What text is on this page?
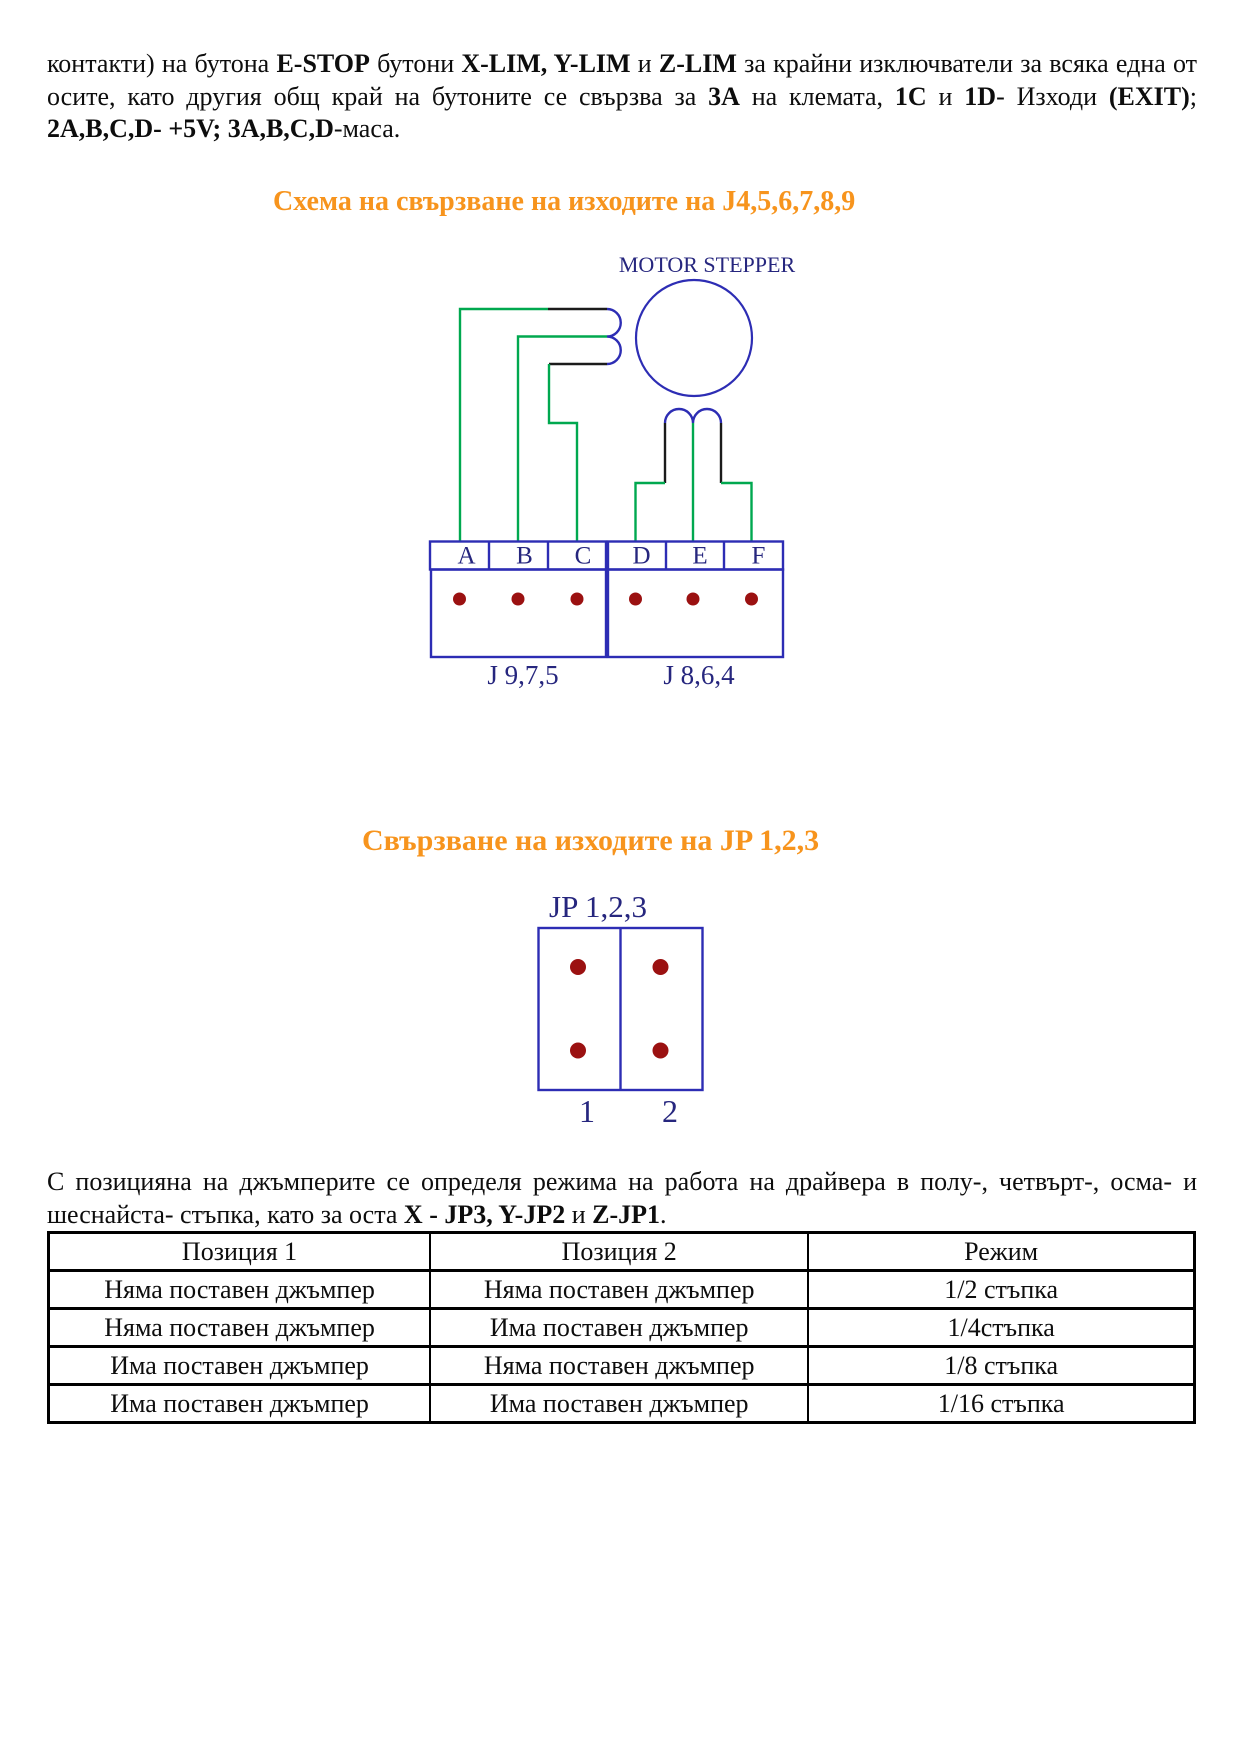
контакти) на бутона E-STOP бутони X-LIM, Y-LIM и Z-LIM за крайни изключватели за всяка една от осите, като другия общ край на бутоните се свързва за 3А на клемата, 1С и 1D- Изходи (EXIT); 2A,B,C,D- +5V; 3A,B,C,D-маса.

Схема на свързване на изходите на J4,5,6,7,8,9
MOTOR STEPPER
A B C D E F
J 9,7,5	J 8,6,4
Свързване на изходите на JP 1,2,3
JP 1,2,3
1 2

С позицияна на джъмперите се определя режима на работа на драйвера в полу-, четвърт-, осма- и шеснайста- стъпка, като за оста X - JP3, Y-JP2 и Z-JP1.

Позиция 1	Позиция 2	Режим
Няма поставен джъмпер	Няма поставен джъмпер	1/2 стъпка
Няма поставен джъмпер	Има поставен джъмпер	1/4стъпка
Има поставен джъмпер	Няма поставен джъмпер	1/8 стъпка
Има поставен джъмпер	Има поставен джъмпер	1/16 стъпка
